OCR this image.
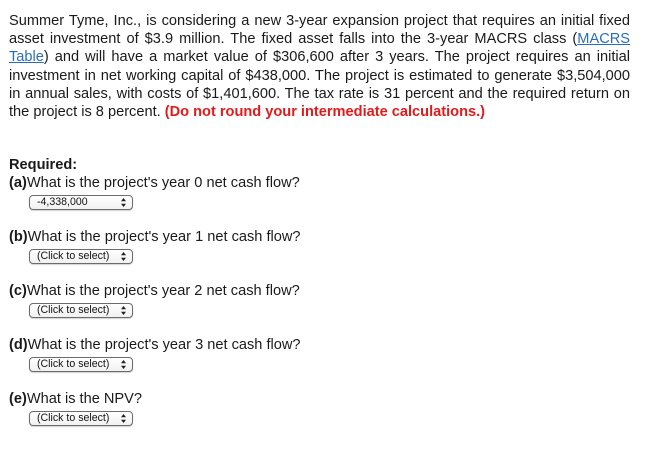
Summer Tyme, Inc., is considering a new 3-year expansion project that requires an initial fixed asset investment of $3.9 million. The fixed asset falls into the 3-year MACRS class (MACRS Table) and will have a market value of $306,600 after 3 years. The project requires an initial investment in net working capital of $438,000. The project is estimated to generate $3,504,000 in annual sales, with costs of $1,401,600. The tax rate is 31 percent and the required return on the project is 8 percent. (Do not round your intermediate calculations.)
Required:
(a)What is the project's year 0 net cash flow?
-4,338,000
(b)What is the project's year 1 net cash flow?
(Click to select)
(c)What is the project's year 2 net cash flow?
(Click to select)
(d)What is the project's year 3 net cash flow?
(Click to select)
(e)What is the NPV?
(Click to select)
